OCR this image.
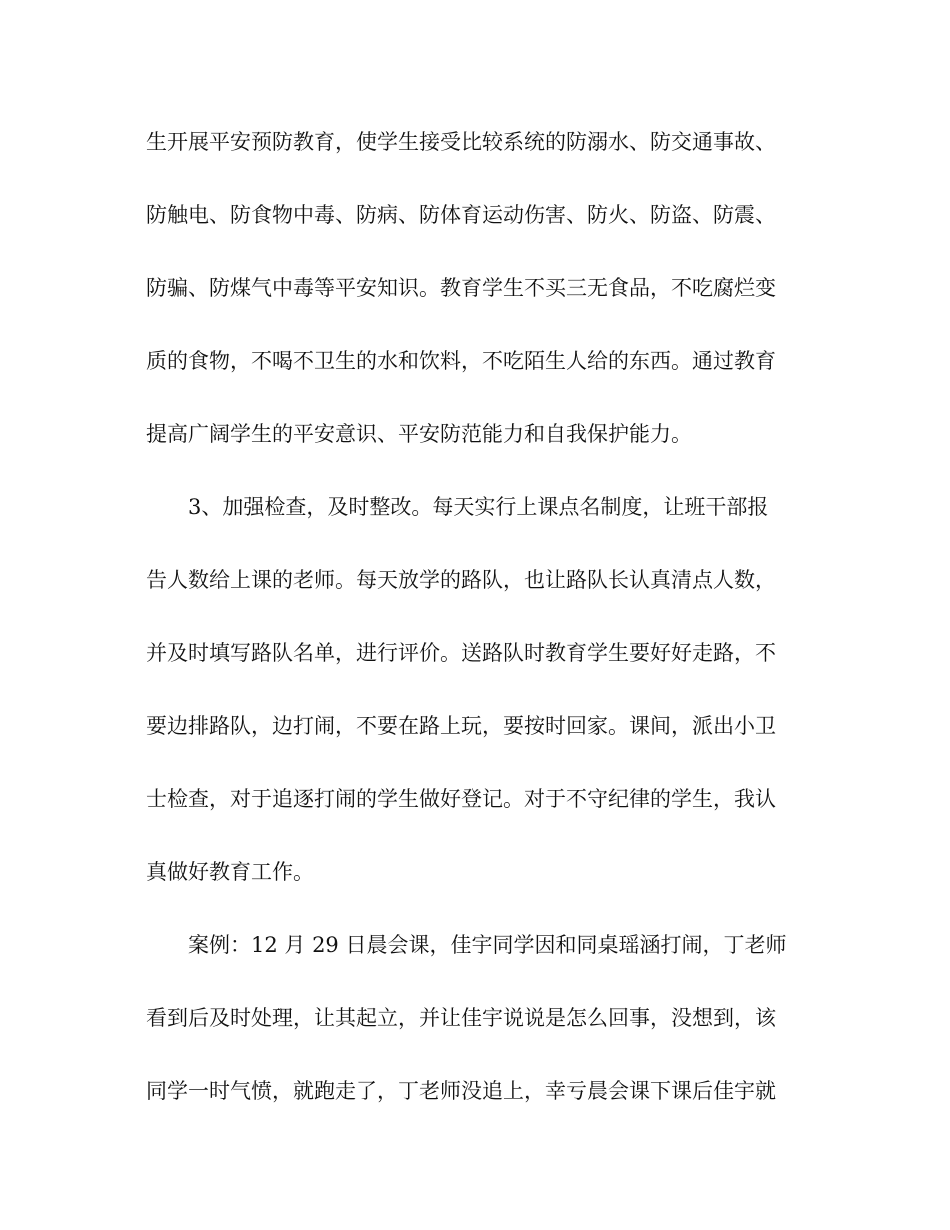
生开展平安预防教育，使学生接受比较系统的防溺水、防交通事故、
防触电、防食物中毒、防病、防体育运动伤害、防火、防盗、防震、
防骗、防煤气中毒等平安知识。教育学生不买三无食品，不吃腐烂变
质的食物，不喝不卫生的水和饮料，不吃陌生人给的东西。通过教育
提高广阔学生的平安意识、平安防范能力和自我保护能力。
3、加强检查，及时整改。每天实行上课点名制度，让班干部报
告人数给上课的老师。每天放学的路队，也让路队长认真清点人数，
并及时填写路队名单，进行评价。送路队时教育学生要好好走路，不
要边排路队，边打闹，不要在路上玩，要按时回家。课间，派出小卫
士检查，对于追逐打闹的学生做好登记。对于不守纪律的学生，我认
真做好教育工作。
案例：12 月 29 日晨会课，佳宇同学因和同桌瑶涵打闹，丁老师
看到后及时处理，让其起立，并让佳宇说说是怎么回事，没想到，该
同学一时气愤，就跑走了，丁老师没追上，幸亏晨会课下课后佳宇就
